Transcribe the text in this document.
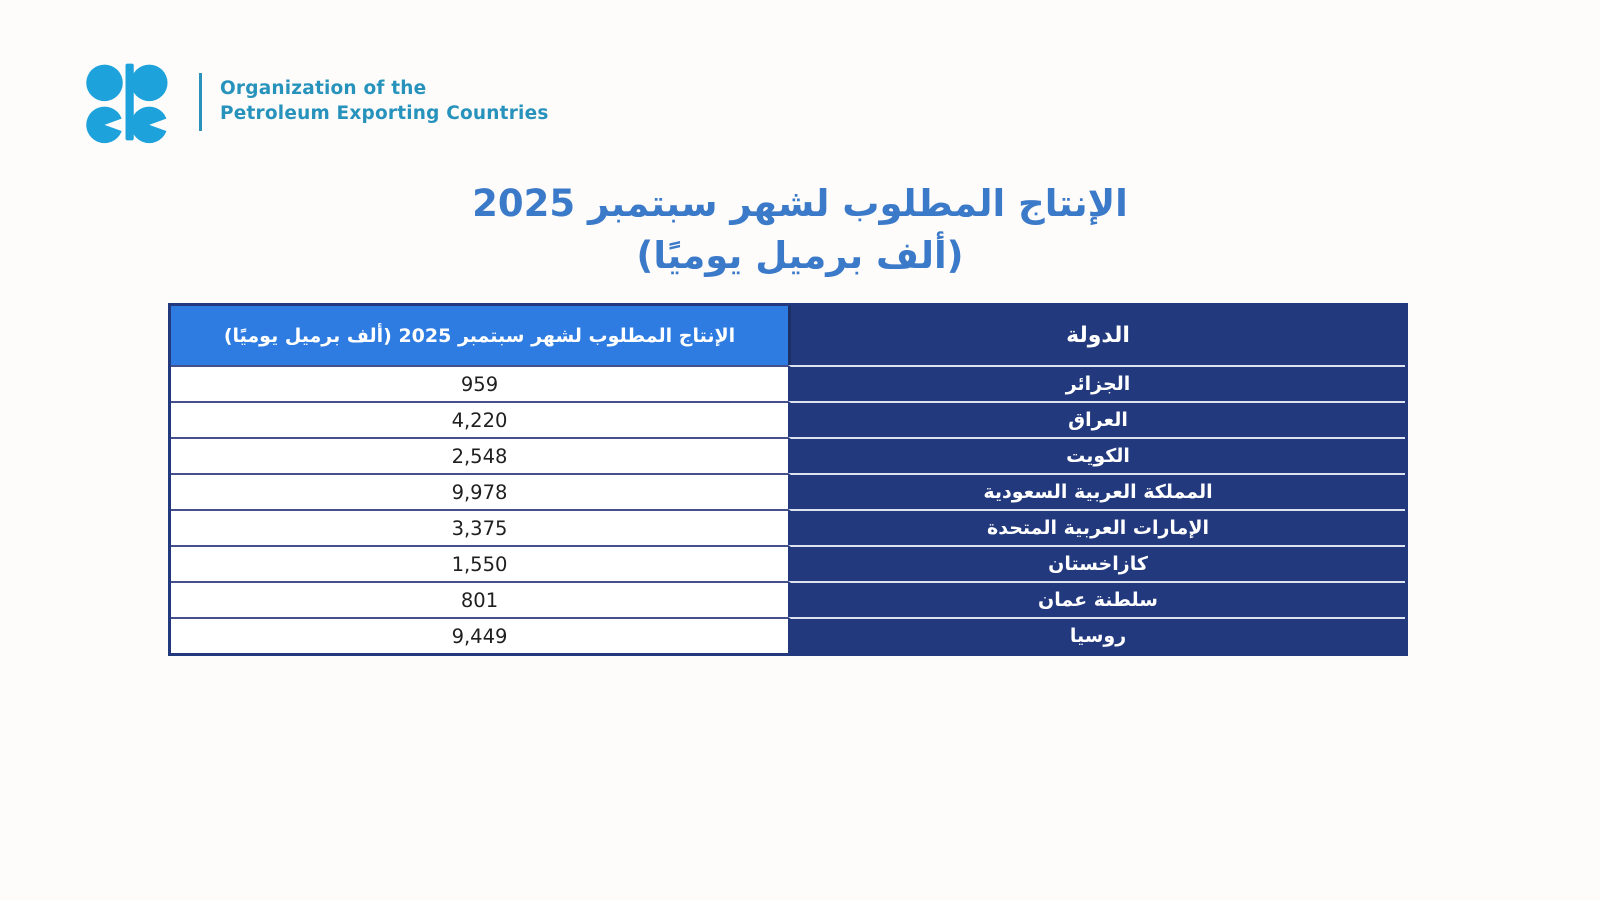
Organization of the
Petroleum Exporting Countries
الإنتاج المطلوب لشهر سبتمبر 2025
(ألف برميل يوميًا)
الدولة
الإنتاج المطلوب لشهر سبتمبر 2025 (ألف برميل يوميًا)
الجزائر
959
العراق
4,220
الكويت
2,548
المملكة العربية السعودية
9,978
الإمارات العربية المتحدة
3,375
كازاخستان
1,550
سلطنة عمان
801
روسيا
9,449
